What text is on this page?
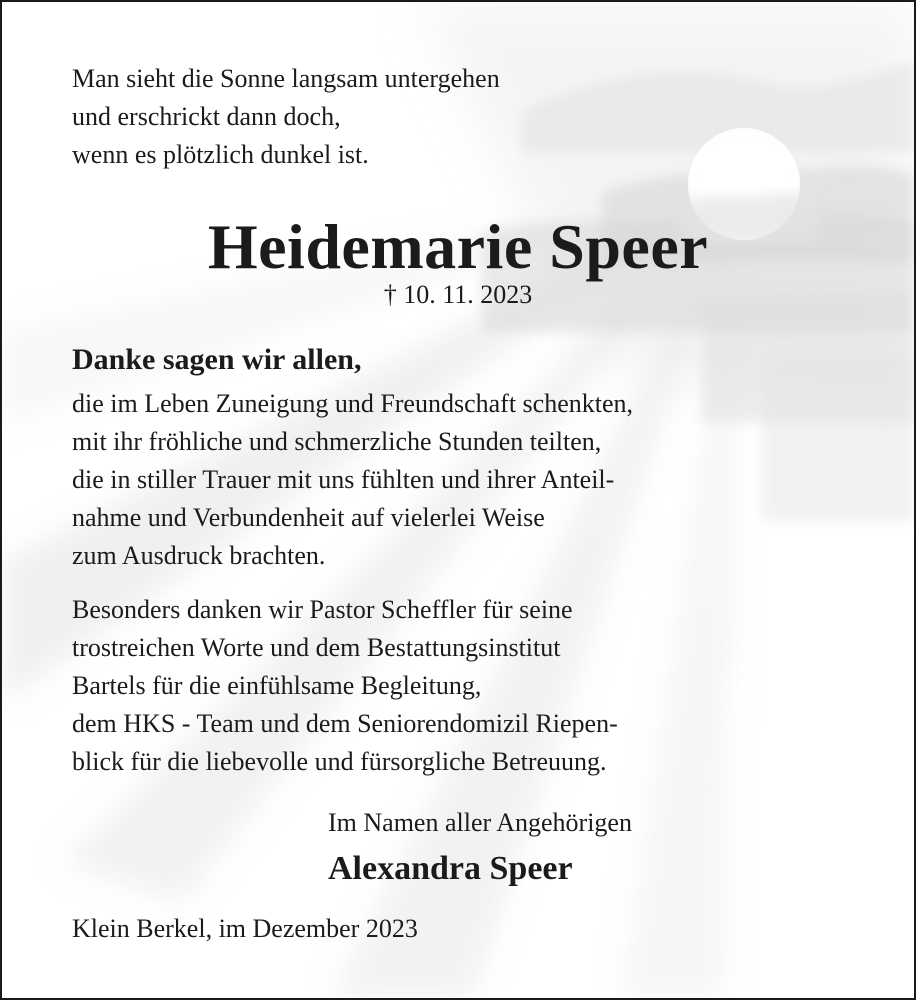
Man sieht die Sonne langsam untergehen
und erschrickt dann doch,
wenn es plötzlich dunkel ist.
Heidemarie Speer
† 10. 11. 2023
Danke sagen wir allen,
die im Leben Zuneigung und Freundschaft schenkten,
mit ihr fröhliche und schmerzliche Stunden teilten,
die in stiller Trauer mit uns fühlten und ihrer Anteil-
nahme und Verbundenheit auf vielerlei Weise
zum Ausdruck brachten.
Besonders danken wir Pastor Scheffler für seine
trostreichen Worte und dem Bestattungsinstitut
Bartels für die einfühlsame Begleitung,
dem HKS - Team und dem Seniorendomizil Riepen-
blick für die liebevolle und fürsorgliche Betreuung.
Im Namen aller Angehörigen
Alexandra Speer
Klein Berkel, im Dezember 2023
